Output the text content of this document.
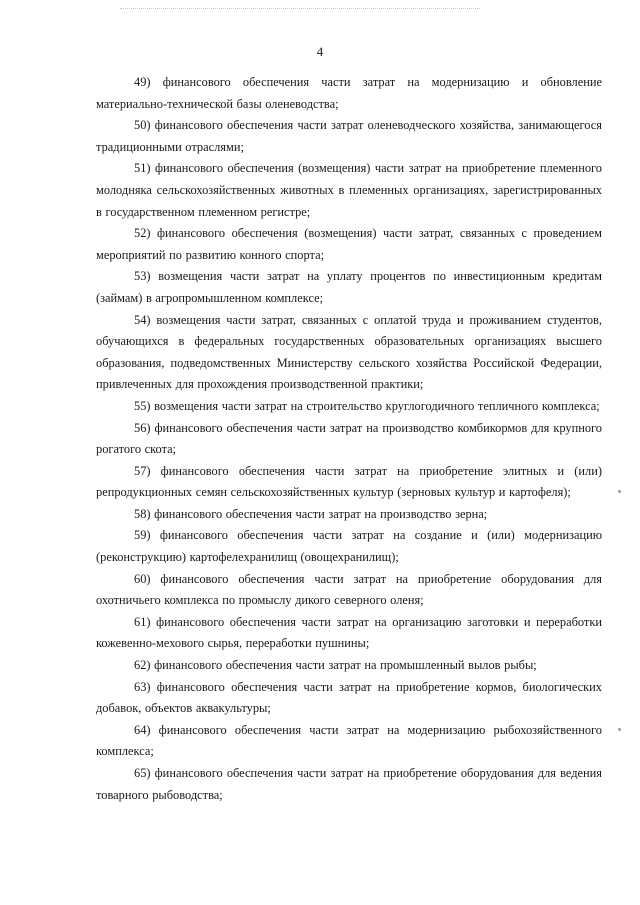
4

49) финансового обеспечения части затрат на модернизацию и обновление материально-технической базы оленеводства;

50) финансового обеспечения части затрат оленеводческого хозяйства, занимающегося традиционными отраслями;

51) финансового обеспечения (возмещения) части затрат на приобретение племенного молодняка сельскохозяйственных животных в племенных организациях, зарегистрированных в государственном племенном регистре;

52) финансового обеспечения (возмещения) части затрат, связанных с проведением мероприятий по развитию конного спорта;

53) возмещения части затрат на уплату процентов по инвестиционным кредитам (займам) в агропромышленном комплексе;

54) возмещения части затрат, связанных с оплатой труда и проживанием студентов, обучающихся в федеральных государственных образовательных организациях высшего образования, подведомственных Министерству сельского хозяйства Российской Федерации, привлеченных для прохождения производственной практики;

55) возмещения части затрат на строительство круглогодичного тепличного комплекса;

56) финансового обеспечения части затрат на производство комбикормов для крупного рогатого скота;

57) финансового обеспечения части затрат на приобретение элитных и (или) репродукционных семян сельскохозяйственных культур (зерновых культур и картофеля);

58) финансового обеспечения части затрат на производство зерна;

59) финансового обеспечения части затрат на создание и (или) модернизацию (реконструкцию) картофелехранилищ (овощехранилищ);

60) финансового обеспечения части затрат на приобретение оборудования для охотничьего комплекса по промыслу дикого северного оленя;

61) финансового обеспечения части затрат на организацию заготовки и переработки кожевенно-мехового сырья, переработки пушнины;

62) финансового обеспечения части затрат на промышленный вылов рыбы;

63) финансового обеспечения части затрат на приобретение кормов, биологических добавок, объектов аквакультуры;

64) финансового обеспечения части затрат на модернизацию рыбохозяйственного комплекса;

65) финансового обеспечения части затрат на приобретение оборудования для ведения товарного рыбоводства;
